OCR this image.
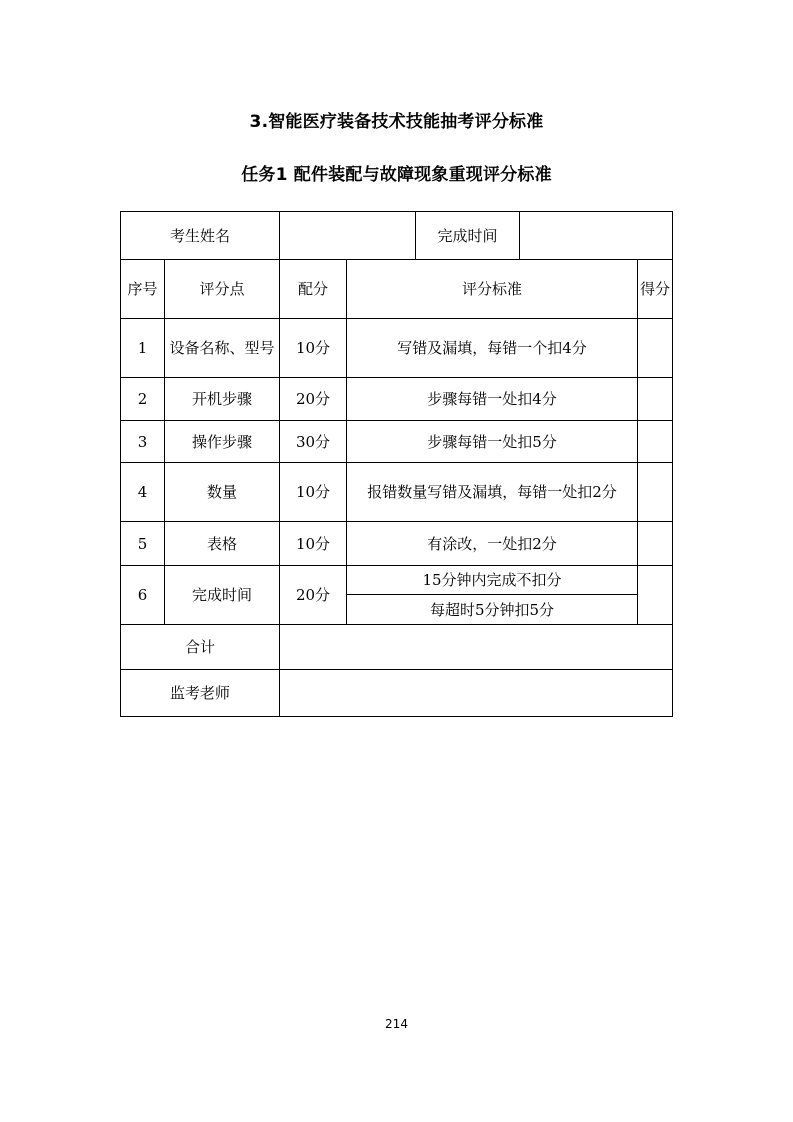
3.智能医疗装备技术技能抽考评分标准
任务1 配件装配与故障现象重现评分标准
考生姓名				完成时间		
序号	评分点	配分	评分标准			得分
1	设备名称、型号	10分	写错及漏填，每错一个扣4分			
2	开机步骤	20分	步骤每错一处扣4分			
3	操作步骤	30分	步骤每错一处扣5分			
4	数量	10分	报错数量写错及漏填，每错一处扣2分			
5	表格	10分	有涂改，一处扣2分			
6	完成时间	20分	15分钟内完成不扣分			
			每超时5分钟扣5分			
合计						
监考老师						
214
